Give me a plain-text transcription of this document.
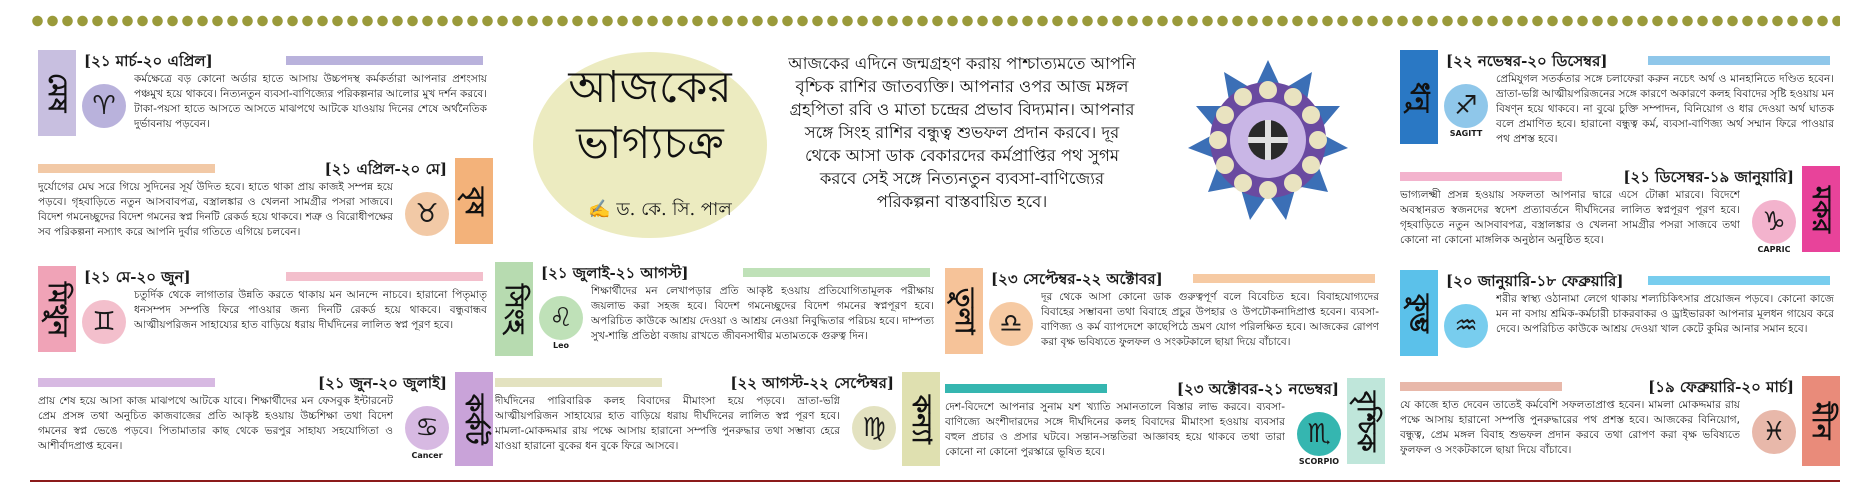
আজকের
ভাগ্যচক্র
✍ ড. কে. সি. পাল
আজকের এদিনে জন্মগ্রহণ করায় পাশ্চাত্যমতে আপনি বৃশ্চিক রাশির জাতব্যক্তি। আপনার ওপর আজ মঙ্গল গ্রহপিতা রবি ও মাতা চন্দ্রের প্রভাব বিদ্যমান। আপনার সঙ্গে সিংহ রাশির বন্ধুত্ব শুভফল প্রদান করবে। দূর থেকে আসা ডাক বেকারদের কর্মপ্রাপ্তির পথ সুগম করবে সেই সঙ্গে নিত্যনতুন ব্যবসা-বাণিজ্যের পরিকল্পনা বাস্তবায়িত হবে।
মেষ
[২১ মার্চ-২০ এপ্রিল]
♈
কর্মক্ষেত্রে বড় কোনো অর্ডার হাতে আসায় উচ্চপদস্থ কর্মকর্তারা আপনার প্রশংসায় পঞ্চমুখ হয়ে থাকবে। নিত্যনতুন ব্যবসা-বাণিজ্যের পরিকল্পনার আলোর মুখ দর্শন করবে। টাকা-পয়সা হাতে আসতে আসতে মাঝপথে আটকে যাওয়ায় দিনের শেষে অর্থনৈতিক দুর্ভাবনায় পড়বেন।
বৃষ
[২১ এপ্রিল-২০ মে]
♉
দুর্যোগের মেঘ সরে গিয়ে সুদিনের সূর্য উদিত হবে। হাতে থাকা প্রায় কাজই সম্পন্ন হয়ে পড়বে। গৃহবাড়িতে নতুন আসবাবপত্র, বস্ত্রালঙ্কার ও খেলনা সামগ্রীর পসরা সাজবে। বিদেশ গমনেচ্ছুদের বিদেশ গমনের স্বপ্ন দিনটি রেকর্ড হয়ে থাকবে। শত্রু ও বিরোধীপক্ষের সব পরিকল্পনা নস্যাৎ করে আপনি দুর্বার গতিতে এগিয়ে চলবেন।
মিথুন
[২১ মে-২০ জুন]
♊
চতুর্দিক থেকে লাগাতার উন্নতি করতে থাকায় মন আনন্দে নাচবে। হারানো পিতৃমাতৃ ধনসম্পদ সম্পত্তি ফিরে পাওয়ার জন্য দিনটি রেকর্ড হয়ে থাকবে। বন্ধুবান্ধব আত্মীয়পরিজন সাহায্যের হাত বাড়িয়ে ধরায় দীর্ঘদিনের লালিত স্বপ্ন পূরণ হবে।
Cancer
কর্কট
[২১ জুন-২০ জুলাই]
♋
প্রায় শেষ হয়ে আসা কাজ মাঝপথে আটকে যাবে। শিক্ষার্থীদের মন ফেসবুক ইন্টারনেট প্রেম প্রসঙ্গ তথা অনুচিত কাজবাজের প্রতি আকৃষ্ট হওয়ায় উচ্চশিক্ষা তথা বিদেশ গমনের স্বপ্ন ভেঙে পড়বে। পিতামাতার কাছ থেকে ভরপুর সাহায্য সহযোগিতা ও আশীর্বাদপ্রাপ্ত হবেন।
Leo
সিংহ
[২১ জুলাই-২১ আগস্ট]
♌
শিক্ষার্থীদের মন লেখাপড়ার প্রতি আকৃষ্ট হওয়ায় প্রতিযোগিতামূলক পরীক্ষায় জয়লাভ করা সহজ হবে। বিদেশ গমনেচ্ছুদের বিদেশ গমনের স্বপ্নপূরণ হবে। অপরিচিত কাউকে আশ্রয় দেওয়া ও আশ্রয় নেওয়া নিবুদ্ধিতার পরিচয় হবে। দাম্পত্য সুখ-শান্তি প্রতিষ্ঠা বজায় রাখতে জীবনসাথীর মতামতকে গুরুত্ব দিন।
কন্যা
[২২ আগস্ট-২২ সেপ্টেম্বর]
♍
দীর্ঘদিনের পারিবারিক কলহ বিবাদের মীমাংসা হয়ে পড়বে। ভ্রাতা-ভগ্নি আত্মীয়পরিজন সাহায্যের হাত বাড়িয়ে ধরায় দীর্ঘদিনের লালিত স্বপ্ন পূরণ হবে। মামলা-মোকদ্দমার রায় পক্ষে আসায় হারানো সম্পত্তি পুনরুদ্ধার তথা সম্ভাব্য হেরে যাওয়া হারানো বুকের ধন বুকে ফিরে আসবে।
তুলা
[২৩ সেপ্টেম্বর-২২ অক্টোবর]
♎
দূর থেকে আসা কোনো ডাক গুরুত্বপূর্ণ বলে বিবেচিত হবে। বিবাহযোগ্যদের বিবাহের সম্ভাবনা তথা বিবাহে প্রচুর উপহার ও উপঢৌকনাদিপ্রাপ্ত হবেন। ব্যবসা-বাণিজ্য ও কর্ম ব্যাপদেশে কাছেপিঠে ভ্রমণ যোগ পরিলক্ষিত হবে। আজকের রোপণ করা বৃক্ষ ভবিষ্যতে ফুলফল ও সংকটকালে ছায়া দিয়ে বাঁচাবে।
SCORPIO
বৃশ্চিক
[২৩ অক্টোবর-২১ নভেম্বর]
♏
দেশ-বিদেশে আপনার সুনাম যশ খ্যাতি সমানতালে বিস্তার লাভ করবে। ব্যবসা-বাণিজ্যে অংশীদারদের সঙ্গে দীর্ঘদিনের কলহ বিবাদের মীমাংসা হওয়ায় ব্যবসার বহুল প্রচার ও প্রসার ঘটবে। সন্তান-সন্ততিরা আজ্ঞাবহ হয়ে থাকবে তথা তারা কোনো না কোনো পুরস্কারে ভূষিত হবে।
SAGITT
ধনু
[২২ নভেম্বর-২০ ডিসেম্বর]
♐
প্রেমিযুগল সতর্কতার সঙ্গে চলাফেরা করুন নচেৎ অর্থ ও মানহানিতে দণ্ডিত হবেন। ভ্রাতা-ভগ্নি আত্মীয়পরিজনের সঙ্গে কারণে অকারণে কলহ বিবাদের সৃষ্টি হওয়ায় মন বিষণ্ন হয়ে থাকবে। না বুঝে চুক্তি সম্পাদন, বিনিয়োগ ও ধার দেওয়া অর্থ ঘাতক বলে প্রমাণিত হবে। হারানো বন্ধুত্ব কর্ম, ব্যবসা-বাণিজ্য অর্থ সম্মান ফিরে পাওয়ার পথ প্রশস্ত হবে।
CAPRIC
মকর
[২১ ডিসেম্বর-১৯ জানুয়ারি]
♑
ভাগ্যলক্ষ্মী প্রসন্ন হওয়ায় সফলতা আপনার দ্বারে এসে টোক্কা মারবে। বিদেশে অবস্থানরত স্বজনদের স্বদেশ প্রত্যাবর্তনে দীর্ঘদিনের লালিত স্বপ্নপূরণ পূরণ হবে। গৃহবাড়িতে নতুন আসবাবপত্র, বস্ত্রালঙ্কার ও খেলনা সামগ্রীর পসরা সাজবে তথা কোনো না কোনো মাঙ্গলিক অনুষ্ঠান অনুষ্ঠিত হবে।
কুম্ভ
[২০ জানুয়ারি-১৮ ফেব্রুয়ারি]
♒
শরীর স্বাস্থ্য ওঠানামা লেগে থাকায় শল্যচিকিৎসার প্রয়োজন পড়বে। কোনো কাজে মন না বসায় শ্রমিক-কর্মচারী চাকরবাকর ও ড্রাইভারকা আপনার মূলধন গায়েব করে দেবে। অপরিচিত কাউকে আশ্রয় দেওয়া খাল কেটে কুমির আনার সমান হবে।
মীন
[১৯ ফেব্রুয়ারি-২০ মার্চ]
♓
যে কাজে হাত দেবেন তাতেই কর্মবেশি সফলতাপ্রাপ্ত হবেন। মামলা মোকদ্দমার রায় পক্ষে আসায় হারানো সম্পত্তি পুনরুদ্ধারের পথ প্রশস্ত হবে। আজকের বিনিয়োগ, বন্ধুত্ব, প্রেম মঙ্গল বিবাহ শুভফল প্রদান করবে তথা রোপণ করা বৃক্ষ ভবিষ্যতে ফুলফল ও সংকটকালে ছায়া দিয়ে বাঁচাবে।
